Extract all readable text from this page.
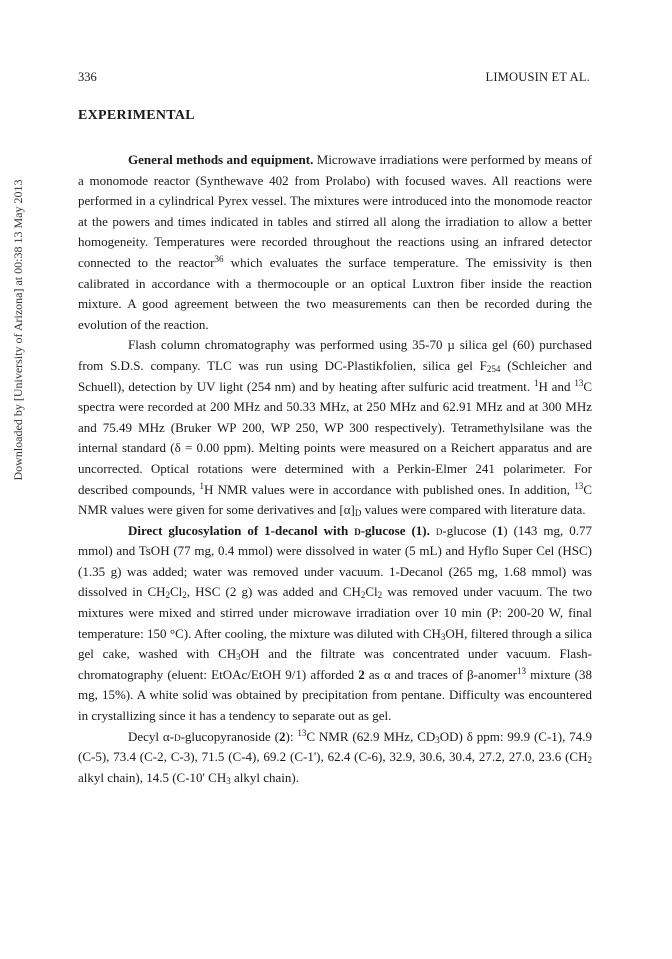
336	LIMOUSIN ET AL.
Downloaded by [University of Arizona] at 00:38 13 May 2013
EXPERIMENTAL

General methods and equipment. Microwave irradiations were performed by means of a monomode reactor (Synthewave 402 from Prolabo) with focused waves. All reactions were performed in a cylindrical Pyrex vessel. The mixtures were introduced into the monomode reactor at the powers and times indicated in tables and stirred all along the irradiation to allow a better homogeneity. Temperatures were recorded throughout the reactions using an infrared detector connected to the reactor$^{36}$ which evaluates the surface temperature. The emissivity is then calibrated in accordance with a thermocouple or an optical Luxtron fiber inside the reaction mixture. A good agreement between the two measurements can then be recorded during the evolution of the reaction.

Flash column chromatography was performed using 35-70 µ silica gel (60) purchased from S.D.S. company. TLC was run using DC-Plastikfolien, silica gel $F_{254}$ (Schleicher and Schuell), detection by UV light (254 nm) and by heating after sulfuric acid treatment. $^1$H and $^{13}$C spectra were recorded at 200 MHz and 50.33 MHz, at 250 MHz and 62.91 MHz and at 300 MHz and 75.49 MHz (Bruker WP 200, WP 250, WP 300 respectively). Tetramethylsilane was the internal standard (δ = 0.00 ppm). Melting points were measured on a Reichert apparatus and are uncorrected. Optical rotations were determined with a Perkin-Elmer 241 polarimeter. For described compounds, $^1$H NMR values were in accordance with published ones. In addition, $^{13}$C NMR values were given for some derivatives and $[\alpha]_D$ values were compared with literature data.

Direct glucosylation of 1-decanol with d-glucose (1). d-glucose (1) (143 mg, 0.77 mmol) and TsOH (77 mg, 0.4 mmol) were dissolved in water (5 mL) and Hyflo Super Cel (HSC) (1.35 g) was added; water was removed under vacuum. 1-Decanol (265 mg, 1.68 mmol) was dissolved in $CH_2Cl_2$, HSC (2 g) was added and $CH_2Cl_2$ was removed under vacuum. The two mixtures were mixed and stirred under microwave irradiation over 10 min (P: 200-20 W, final temperature: 150 °C). After cooling, the mixture was diluted with $CH_3OH$, filtered through a silica gel cake, washed with $CH_3OH$ and the filtrate was concentrated under vacuum. Flash-chromatography (eluent: EtOAc/EtOH 9/1) afforded 2 as α and traces of β-anomer$^{13}$ mixture (38 mg, 15%). A white solid was obtained by precipitation from pentane. Difficulty was encountered in crystallizing since it has a tendency to separate out as gel.

Decyl α-d-glucopyranoside (2): $^{13}$C NMR (62.9 MHz, $CD_3OD$) δ ppm: 99.9 (C-1), 74.9 (C-5), 73.4 (C-2, C-3), 71.5 (C-4), 69.2 (C-1'), 62.4 (C-6), 32.9, 30.6, 30.4, 27.2, 27.0, 23.6 ($CH_2$ alkyl chain), 14.5 (C-10' $CH_3$ alkyl chain).
